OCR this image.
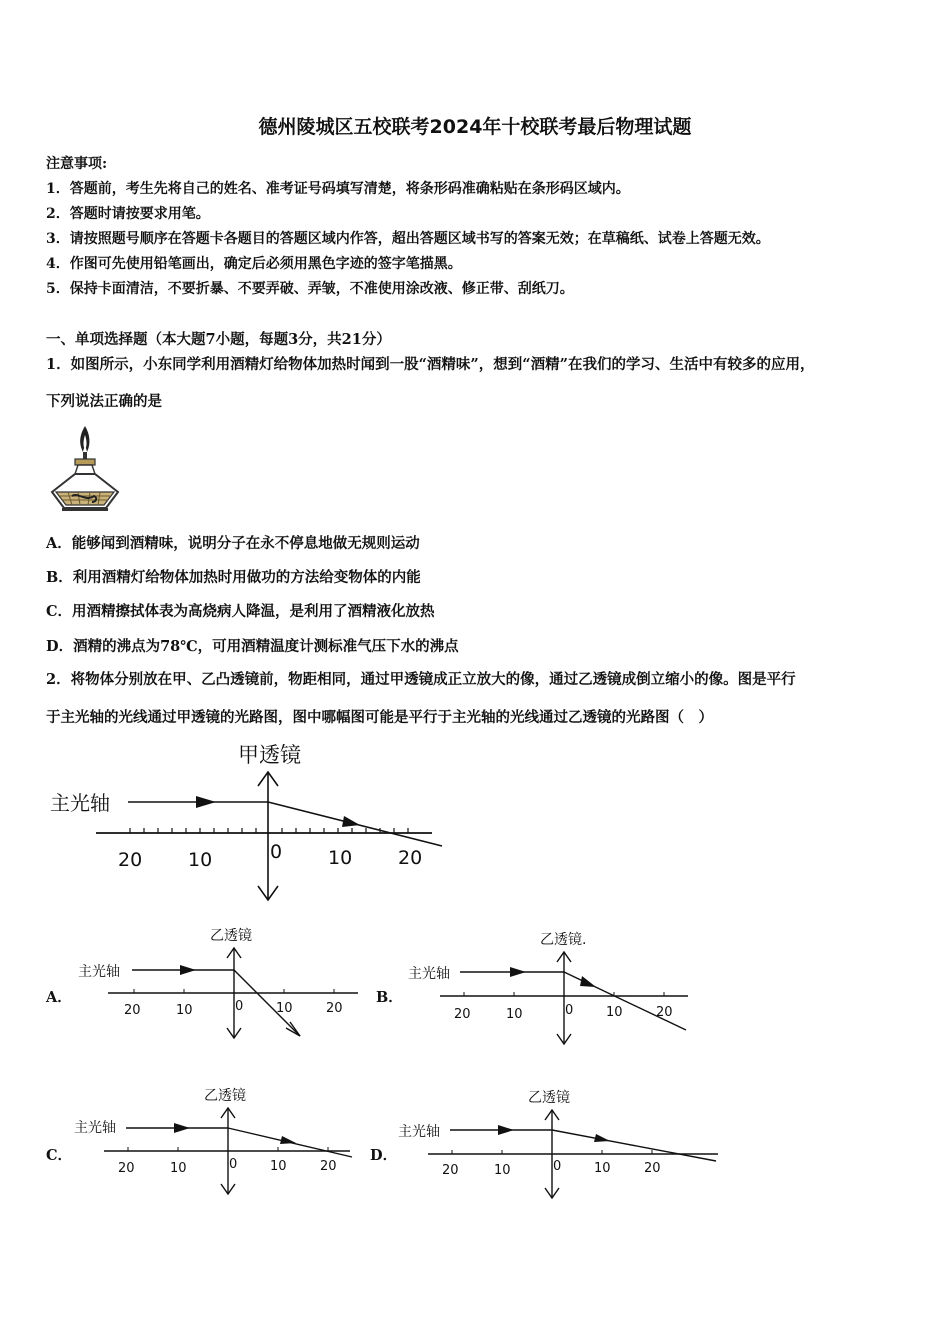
德州陵城区五校联考2024年十校联考最后物理试题
注意事项:
1．答题前，考生先将自己的姓名、准考证号码填写清楚，将条形码准确粘贴在条形码区域内。
2．答题时请按要求用笔。
3．请按照题号顺序在答题卡各题目的答题区域内作答，超出答题区域书写的答案无效；在草稿纸、试卷上答题无效。
4．作图可先使用铅笔画出，确定后必须用黑色字迹的签字笔描黑。
5．保持卡面清洁，不要折暴、不要弄破、弄皱，不准使用涂改液、修正带、刮纸刀。
一、单项选择题（本大题7小题，每题3分，共21分）
1．如图所示，小东同学利用酒精灯给物体加热时闻到一股“酒精味”，想到“酒精”在我们的学习、生活中有较多的应用，
下列说法正确的是
A．能够闻到酒精味，说明分子在永不停息地做无规则运动
B．利用酒精灯给物体加热时用做功的方法给变物体的内能
C．用酒精擦拭体表为高烧病人降温，是利用了酒精液化放热
D．酒精的沸点为78℃，可用酒精温度计测标准气压下水的沸点
2．将物体分别放在甲、乙凸透镜前，物距相同，通过甲透镜成正立放大的像，通过乙透镜成倒立缩小的像。图是平行
于主光轴的光线通过甲透镜的光路图，图中哪幅图可能是平行于主光轴的光线通过乙透镜的光路图（　）
甲透镜
主光轴
20 10	0 10 20
A．
乙透镜
主光轴
20	10	0	10	20
B．
乙透镜.
主光轴
20	10	0	10	20
C．
乙透镜
主光轴
20	10	0	10	20
D．
乙透镜
主光轴
20	10	0	10	20
